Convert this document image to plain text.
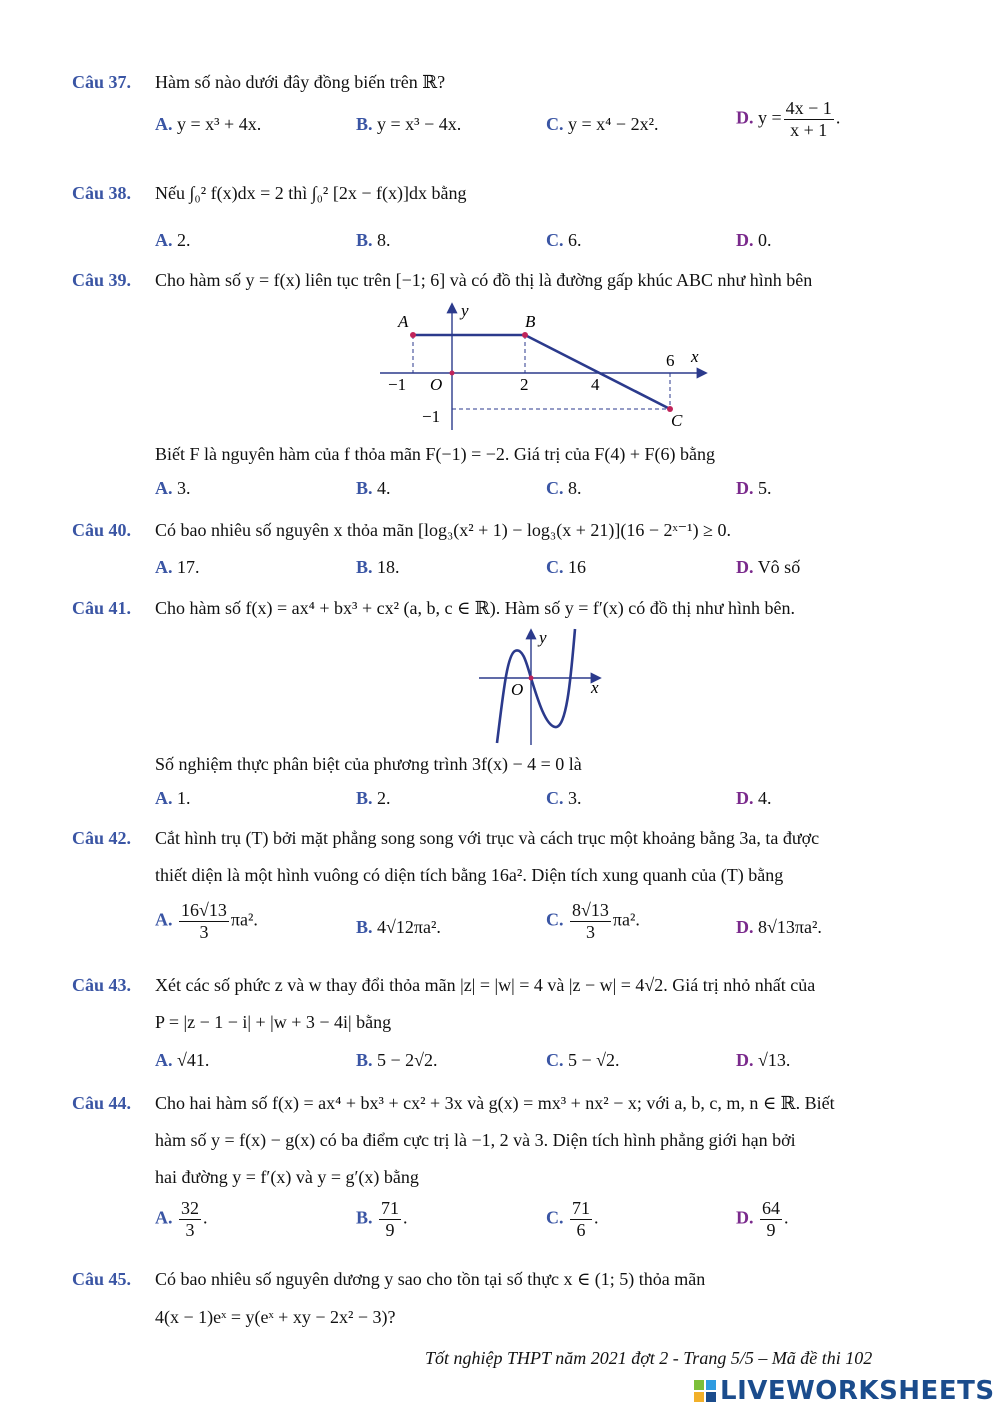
Câu 37. Hàm số nào dưới đây đồng biến trên ℝ?
A. y = x³ + 4x.	B. y = x³ − 4x.	C. y = x⁴ − 2x².	D. $y = \frac{4x - 1}{x + 1}$ .
Câu 38. Nếu ∫₀² f(x)dx = 2 thì ∫₀² [2x − f(x)]dx bằng
A. 2.	B. 8.	C. 6.	D. 0.
Câu 39. Cho hàm số y = f(x) liên tục trên [−1; 6] và có đồ thị là đường gấp khúc ABC như hình bên
A	B
C
O
y
x
−1	2	4
6
−1
Biết F là nguyên hàm của f thỏa mãn F(−1) = −2. Giá trị của F(4) + F(6) bằng
A. 3.	B. 4.	C. 8.	D. 5.
Câu 40. Có bao nhiêu số nguyên x thỏa mãn [log₃(x² + 1) − log₃(x + 21)](16 − 2ˣ⁻¹) ≥ 0.
A. 17.	B. 18.	C. 16	D. Vô số
Câu 41. Cho hàm số f(x) = ax⁴ + bx³ + cx² (a, b, c ∈ ℝ). Hàm số y = f′(x) có đồ thị như hình bên.
O
y
x
Số nghiệm thực phân biệt của phương trình 3f(x) − 4 = 0 là
A. 1.	B. 2.	C. 3.	D. 4.
Câu 42. Cắt hình trụ (T) bởi mặt phẳng song song với trục và cách trục một khoảng bằng 3a, ta được
thiết diện là một hình vuông có diện tích bằng 16a². Diện tích xung quanh của (T) bằng
A. $\frac{16√13}{3} \pi a^2$.	B. 4√12πa².	C. $\frac{8√13}{3} \pi a^2$.	D. 8√13πa².
Câu 43. Xét các số phức z và w thay đổi thỏa mãn |z| = |w| = 4 và |z − w| = 4√2. Giá trị nhỏ nhất của
P = |z − 1 − i| + |w + 3 − 4i| bằng
A. √41.	B. 5 − 2√2.	C. 5 − √2.	D. √13.
Câu 44. Cho hai hàm số f(x) = ax⁴ + bx³ + cx² + 3x và g(x) = mx³ + nx² − x; với a, b, c, m, n ∈ ℝ. Biết
hàm số y = f(x) − g(x) có ba điểm cực trị là −1, 2 và 3. Diện tích hình phẳng giới hạn bởi
hai đường y = f′(x) và y = g′(x) bằng
A. $\frac{32}{3}$ .	B. $\frac{71}{9}$ .	C. $\frac{71}{6}$ .	D. $\frac{64}{9}$ .
Câu 45. Có bao nhiêu số nguyên dương y sao cho tồn tại số thực x ∈ (1; 5) thỏa mãn
4(x − 1)eˣ = y(eˣ + xy − 2x² − 3)?
Tốt nghiệp THPT năm 2021 đợt 2 - Trang 5/5 – Mã đề thi 102
LIVEWORKSHEETS
